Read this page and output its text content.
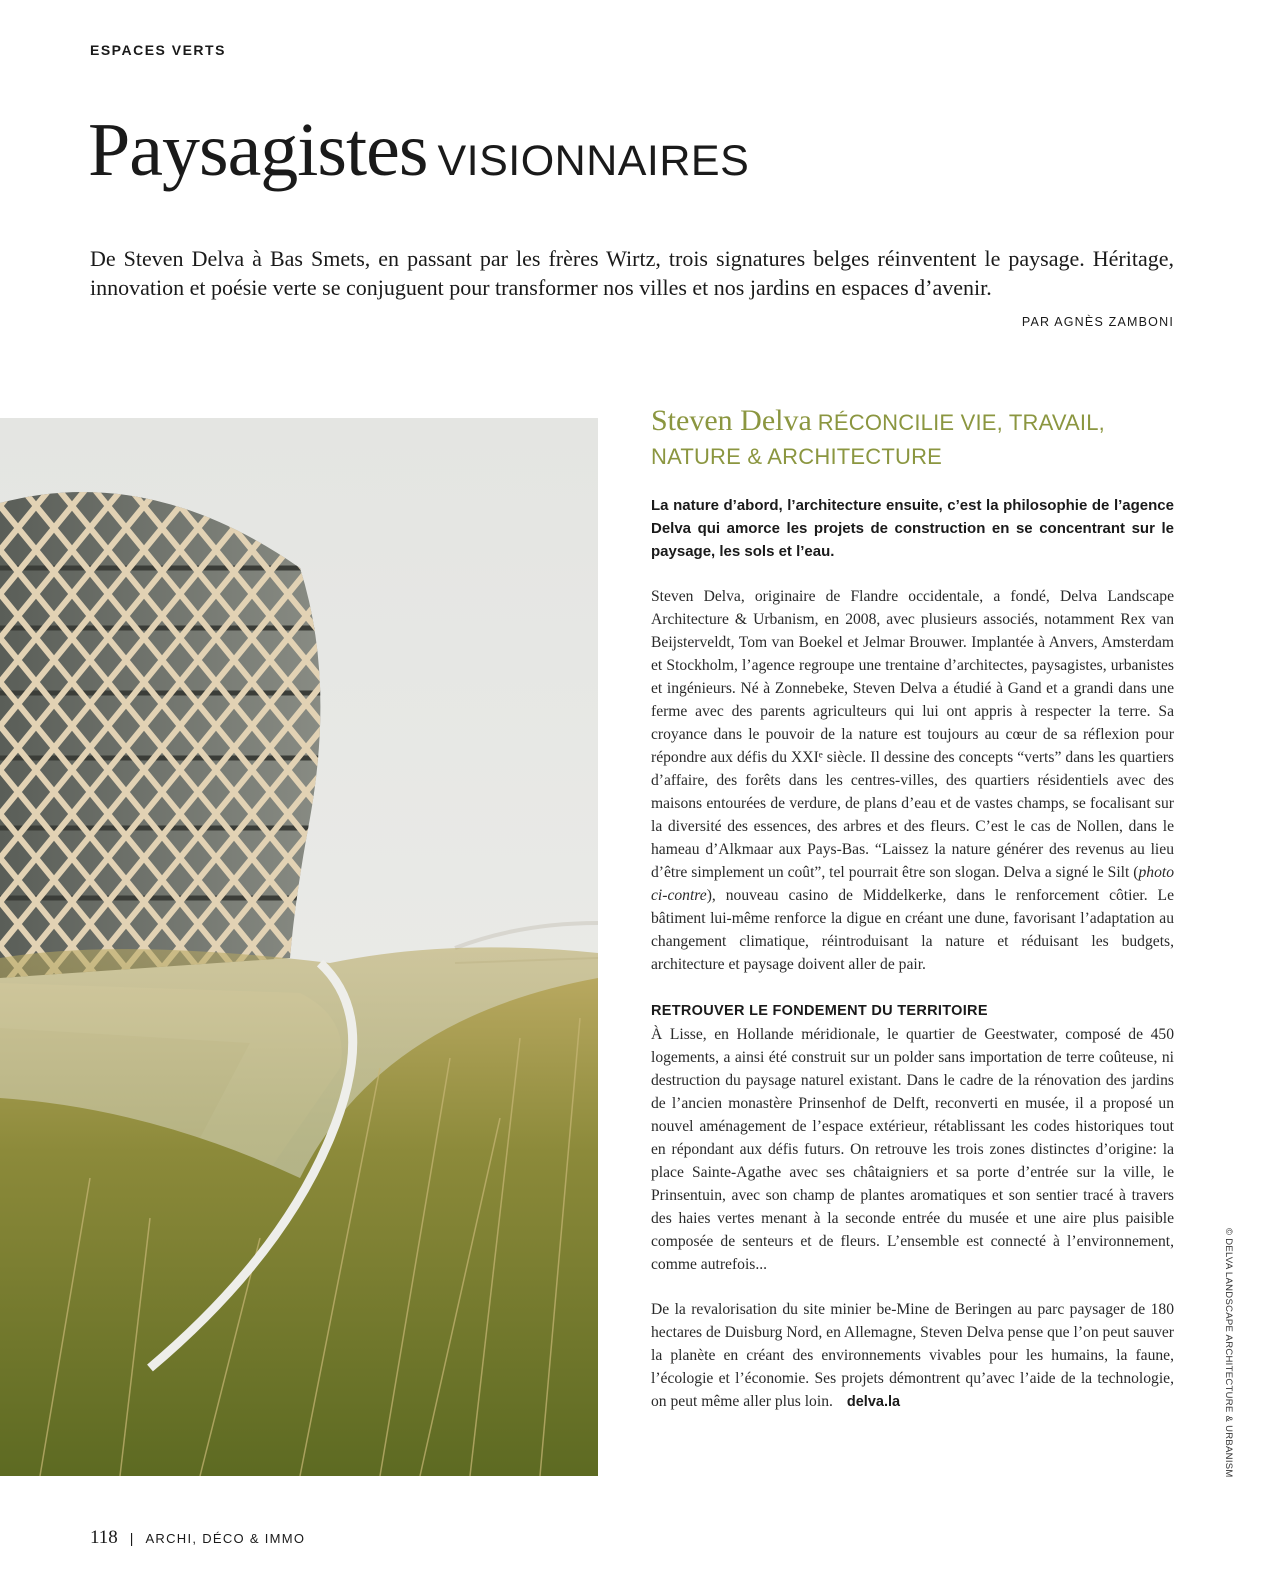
ESPACES VERTS
Paysagistes VISIONNAIRES

De Steven Delva à Bas Smets, en passant par les frères Wirtz, trois signatures belges réinventent le paysage. Héritage, innovation et poésie verte se conjuguent pour transformer nos villes et nos jardins en espaces d’avenir.

PAR AGNÈS ZAMBONI
Steven Delva RÉCONCILIE VIE, TRAVAIL, NATURE & ARCHITECTURE

La nature d’abord, l’architecture ensuite, c’est la philosophie de l’agence Delva qui amorce les projets de construction en se concentrant sur le paysage, les sols et l’eau.

Steven Delva, originaire de Flandre occidentale, a fondé, Delva Landscape Architecture & Urbanism, en 2008, avec plusieurs associés, notamment Rex van Beijsterveldt, Tom van Boekel et Jelmar Brouwer. Implantée à Anvers, Amsterdam et Stockholm, l’agence regroupe une trentaine d’architectes, paysagistes, urbanistes et ingénieurs. Né à Zonnebeke, Steven Delva a étudié à Gand et a grandi dans une ferme avec des parents agriculteurs qui lui ont appris à respecter la terre. Sa croyance dans le pouvoir de la nature est toujours au cœur de sa réflexion pour répondre aux défis du XXIᵉ siècle. Il dessine des concepts “verts” dans les quartiers d’affaire, des forêts dans les centres-villes, des quartiers résidentiels avec des maisons entourées de verdure, de plans d’eau et de vastes champs, se focalisant sur la diversité des essences, des arbres et des fleurs. C’est le cas de Nollen, dans le hameau d’Alkmaar aux Pays-Bas. “Laissez la nature générer des revenus au lieu d’être simplement un coût”, tel pourrait être son slogan. Delva a signé le Silt (photo ci-contre), nouveau casino de Middelkerke, dans le renforcement côtier. Le bâtiment lui-même renforce la digue en créant une dune, favorisant l’adaptation au changement climatique, réintroduisant la nature et réduisant les budgets, architecture et paysage doivent aller de pair.

RETROUVER LE FONDEMENT DU TERRITOIRE

À Lisse, en Hollande méridionale, le quartier de Geestwater, composé de 450 logements, a ainsi été construit sur un polder sans importation de terre coûteuse, ni destruction du paysage naturel existant. Dans le cadre de la rénovation des jardins de l’ancien monastère Prinsenhof de Delft, reconverti en musée, il a proposé un nouvel aménagement de l’espace extérieur, rétablissant les codes historiques tout en répondant aux défis futurs. On retrouve les trois zones distinctes d’origine: la place Sainte-Agathe avec ses châtaigniers et sa porte d’entrée sur la ville, le Prinsentuin, avec son champ de plantes aromatiques et son sentier tracé à travers des haies vertes menant à la seconde entrée du musée et une aire plus paisible composée de senteurs et de fleurs. L’ensemble est connecté à l’environnement, comme autrefois...

De la revalorisation du site minier be-Mine de Beringen au parc paysager de 180 hectares de Duisburg Nord, en Allemagne, Steven Delva pense que l’on peut sauver la planète en créant des environnements vivables pour les humains, la faune, l’écologie et l’économie. Ses projets démontrent qu’avec l’aide de la technologie, on peut même aller plus loin. delva.la	© DELVA LANDSCAPE ARCHITECTURE & URBANISM
118 | ARCHI, DÉCO & IMMO
